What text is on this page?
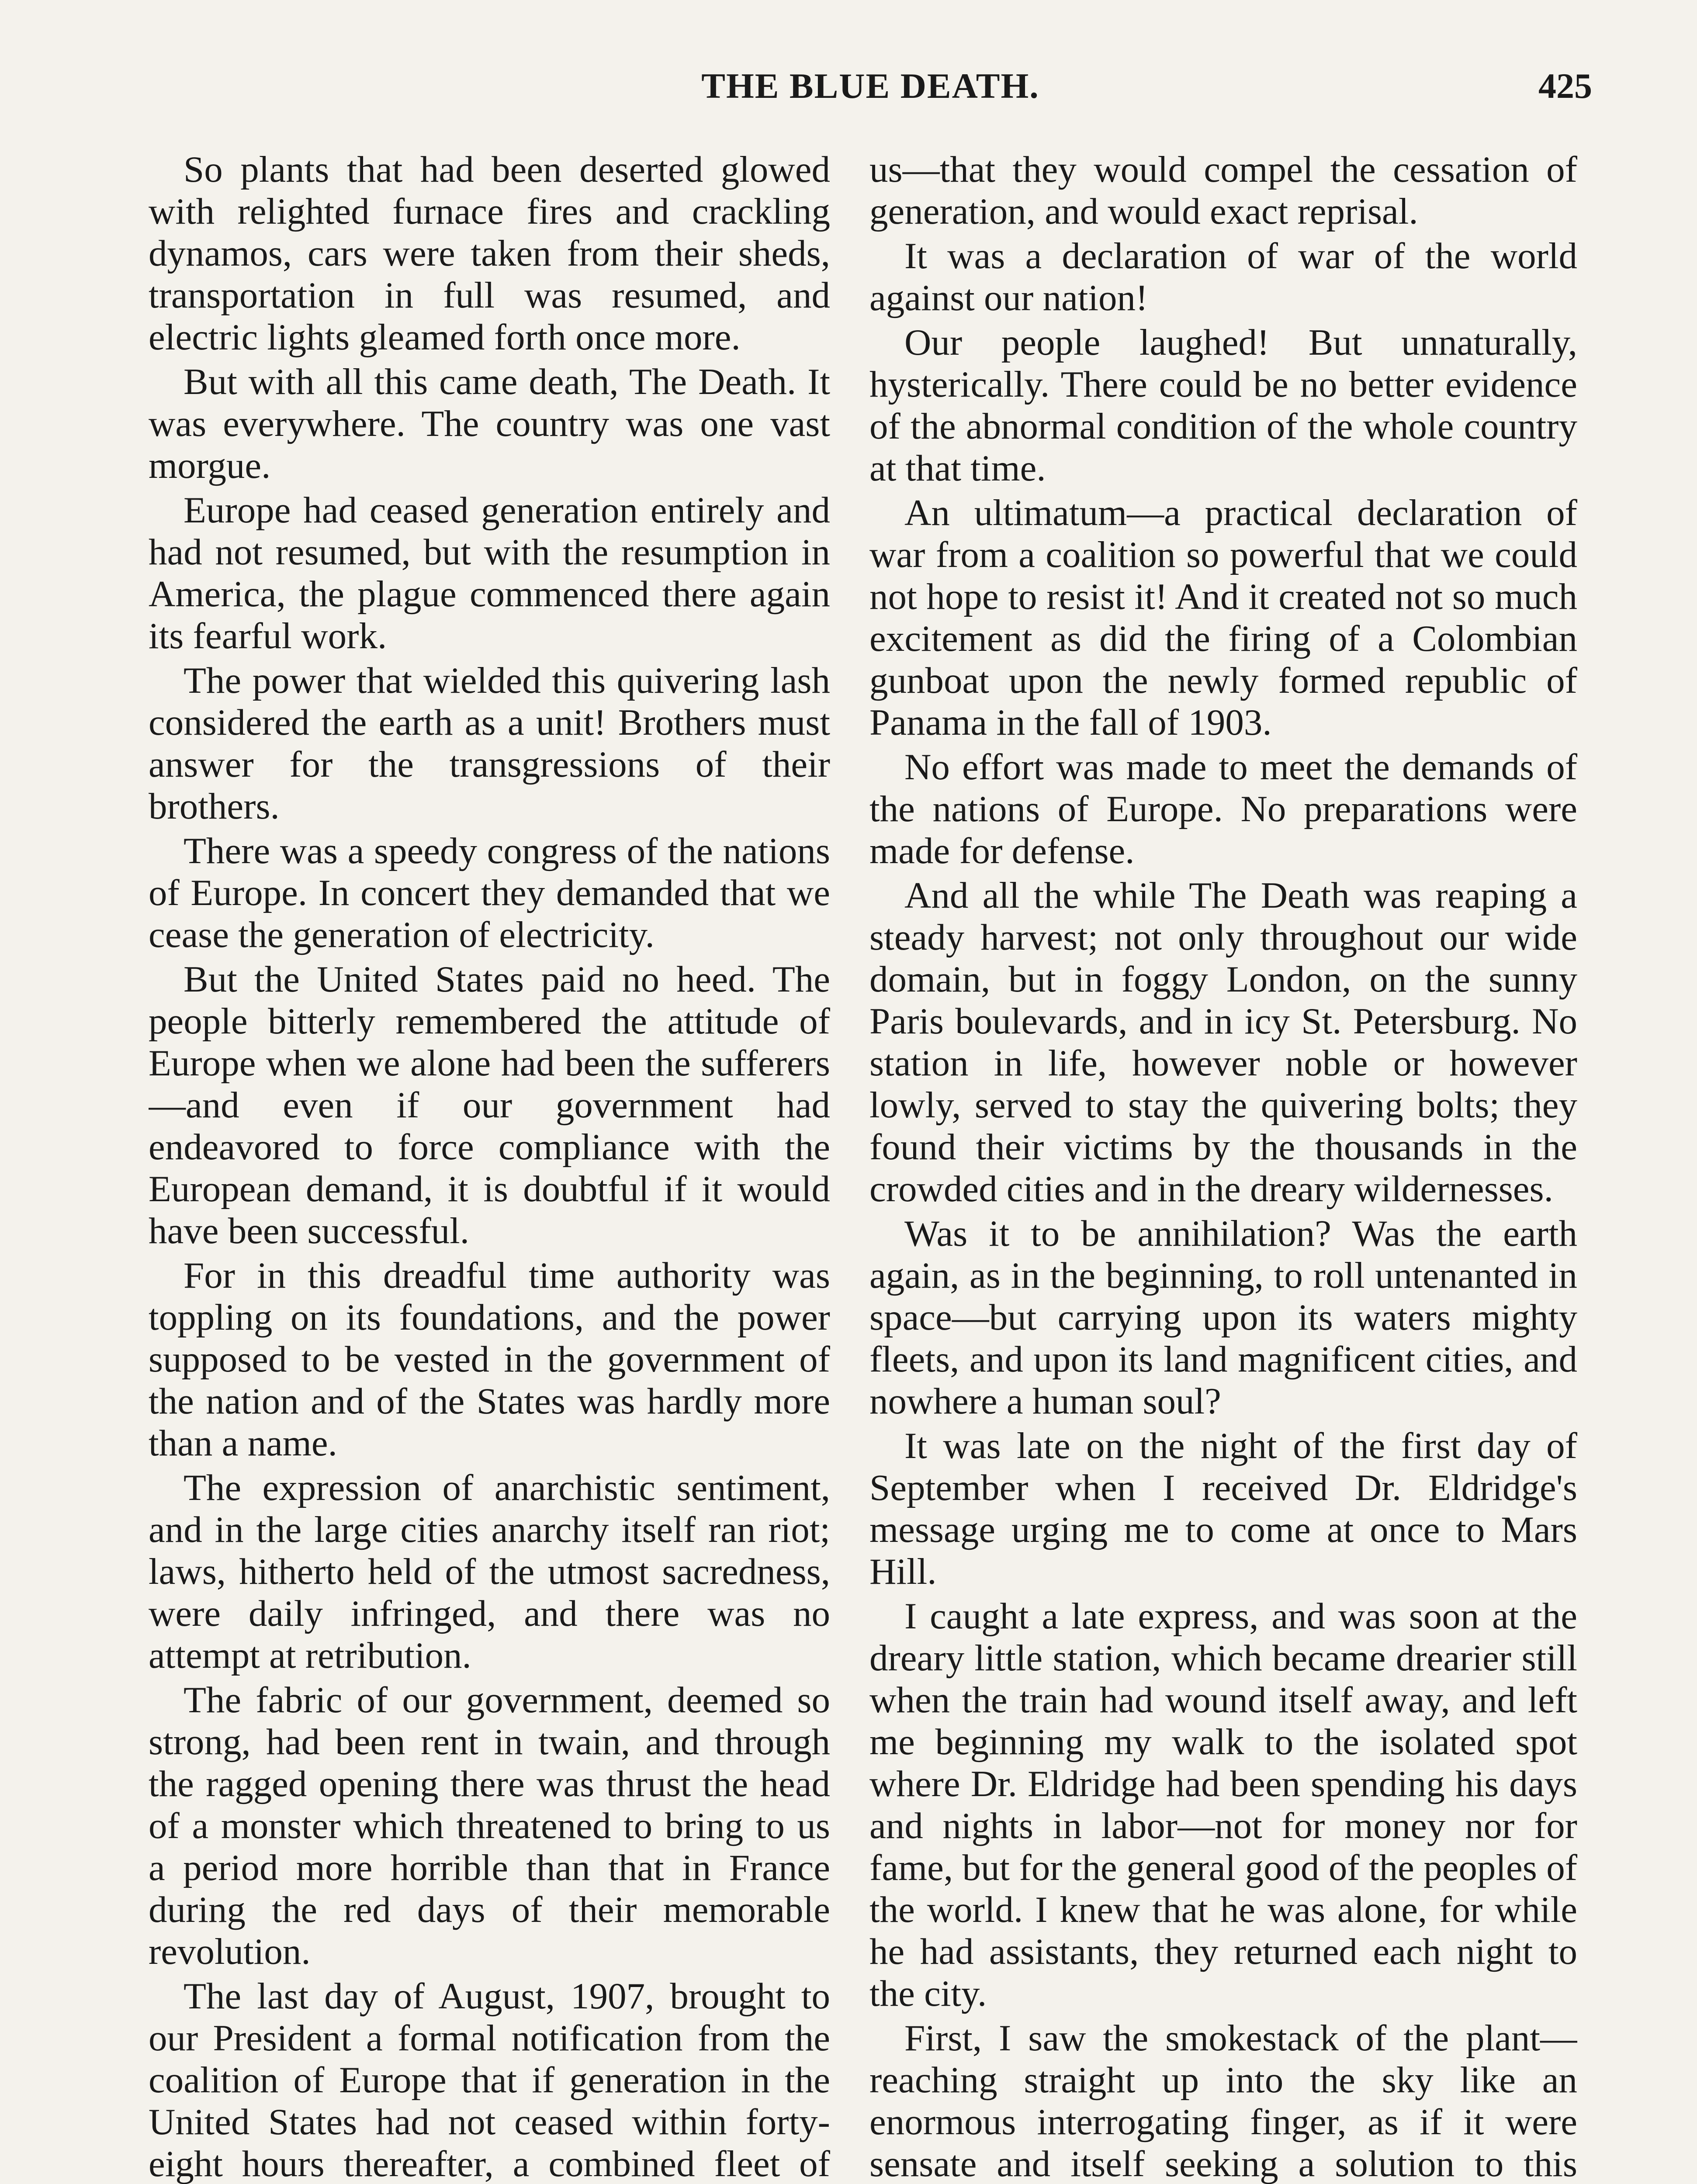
THE BLUE DEATH.	425

So plants that had been deserted glowed with relighted furnace fires and crackling dynamos, cars were taken from their sheds, transportation in full was resumed, and electric lights gleamed forth once more.

But with all this came death, The Death. It was everywhere. The country was one vast morgue.

Europe had ceased generation entirely and had not resumed, but with the resumption in America, the plague commenced there again its fearful work.

The power that wielded this quivering lash considered the earth as a unit! Brothers must answer for the transgressions of their brothers.

There was a speedy congress of the nations of Europe. In concert they demanded that we cease the generation of electricity.

But the United States paid no heed. The people bitterly remembered the attitude of Europe when we alone had been the sufferers—and even if our government had endeavored to force compliance with the European demand, it is doubtful if it would have been successful.

For in this dreadful time authority was toppling on its foundations, and the power supposed to be vested in the government of the nation and of the States was hardly more than a name.

The expression of anarchistic sentiment, and in the large cities anarchy itself ran riot; laws, hitherto held of the utmost sacredness, were daily infringed, and there was no attempt at retribution.

The fabric of our government, deemed so strong, had been rent in twain, and through the ragged opening there was thrust the head of a monster which threatened to bring to us a period more horrible than that in France during the red days of their memorable revolution.

The last day of August, 1907, brought to our President a formal notification from the coalition of Europe that if generation in the United States had not ceased within forty-eight hours thereafter, a combined fleet of

us—that they would compel the cessation of generation, and would exact reprisal.

It was a declaration of war of the world against our nation!

Our people laughed! But unnaturally, hysterically. There could be no better evidence of the abnormal condition of the whole country at that time.

An ultimatum—a practical declaration of war from a coalition so powerful that we could not hope to resist it! And it created not so much excitement as did the firing of a Colombian gunboat upon the newly formed republic of Panama in the fall of 1903.

No effort was made to meet the demands of the nations of Europe. No preparations were made for defense.

And all the while The Death was reaping a steady harvest; not only throughout our wide domain, but in foggy London, on the sunny Paris boulevards, and in icy St. Petersburg. No station in life, however noble or however lowly, served to stay the quivering bolts; they found their victims by the thousands in the crowded cities and in the dreary wildernesses.

Was it to be annihilation? Was the earth again, as in the beginning, to roll untenanted in space—but carrying upon its waters mighty fleets, and upon its land magnificent cities, and nowhere a human soul?

It was late on the night of the first day of September when I received Dr. Eldridge's message urging me to come at once to Mars Hill.

I caught a late express, and was soon at the dreary little station, which became drearier still when the train had wound itself away, and left me beginning my walk to the isolated spot where Dr. Eldridge had been spending his days and nights in labor—not for money nor for fame, but for the general good of the peoples of the world. I knew that he was alone, for while he had assistants, they returned each night to the city.

First, I saw the smokestack of the plant—reaching straight up into the sky like an enormous interrogating finger, as if it were sensate and itself seeking a solution to this
